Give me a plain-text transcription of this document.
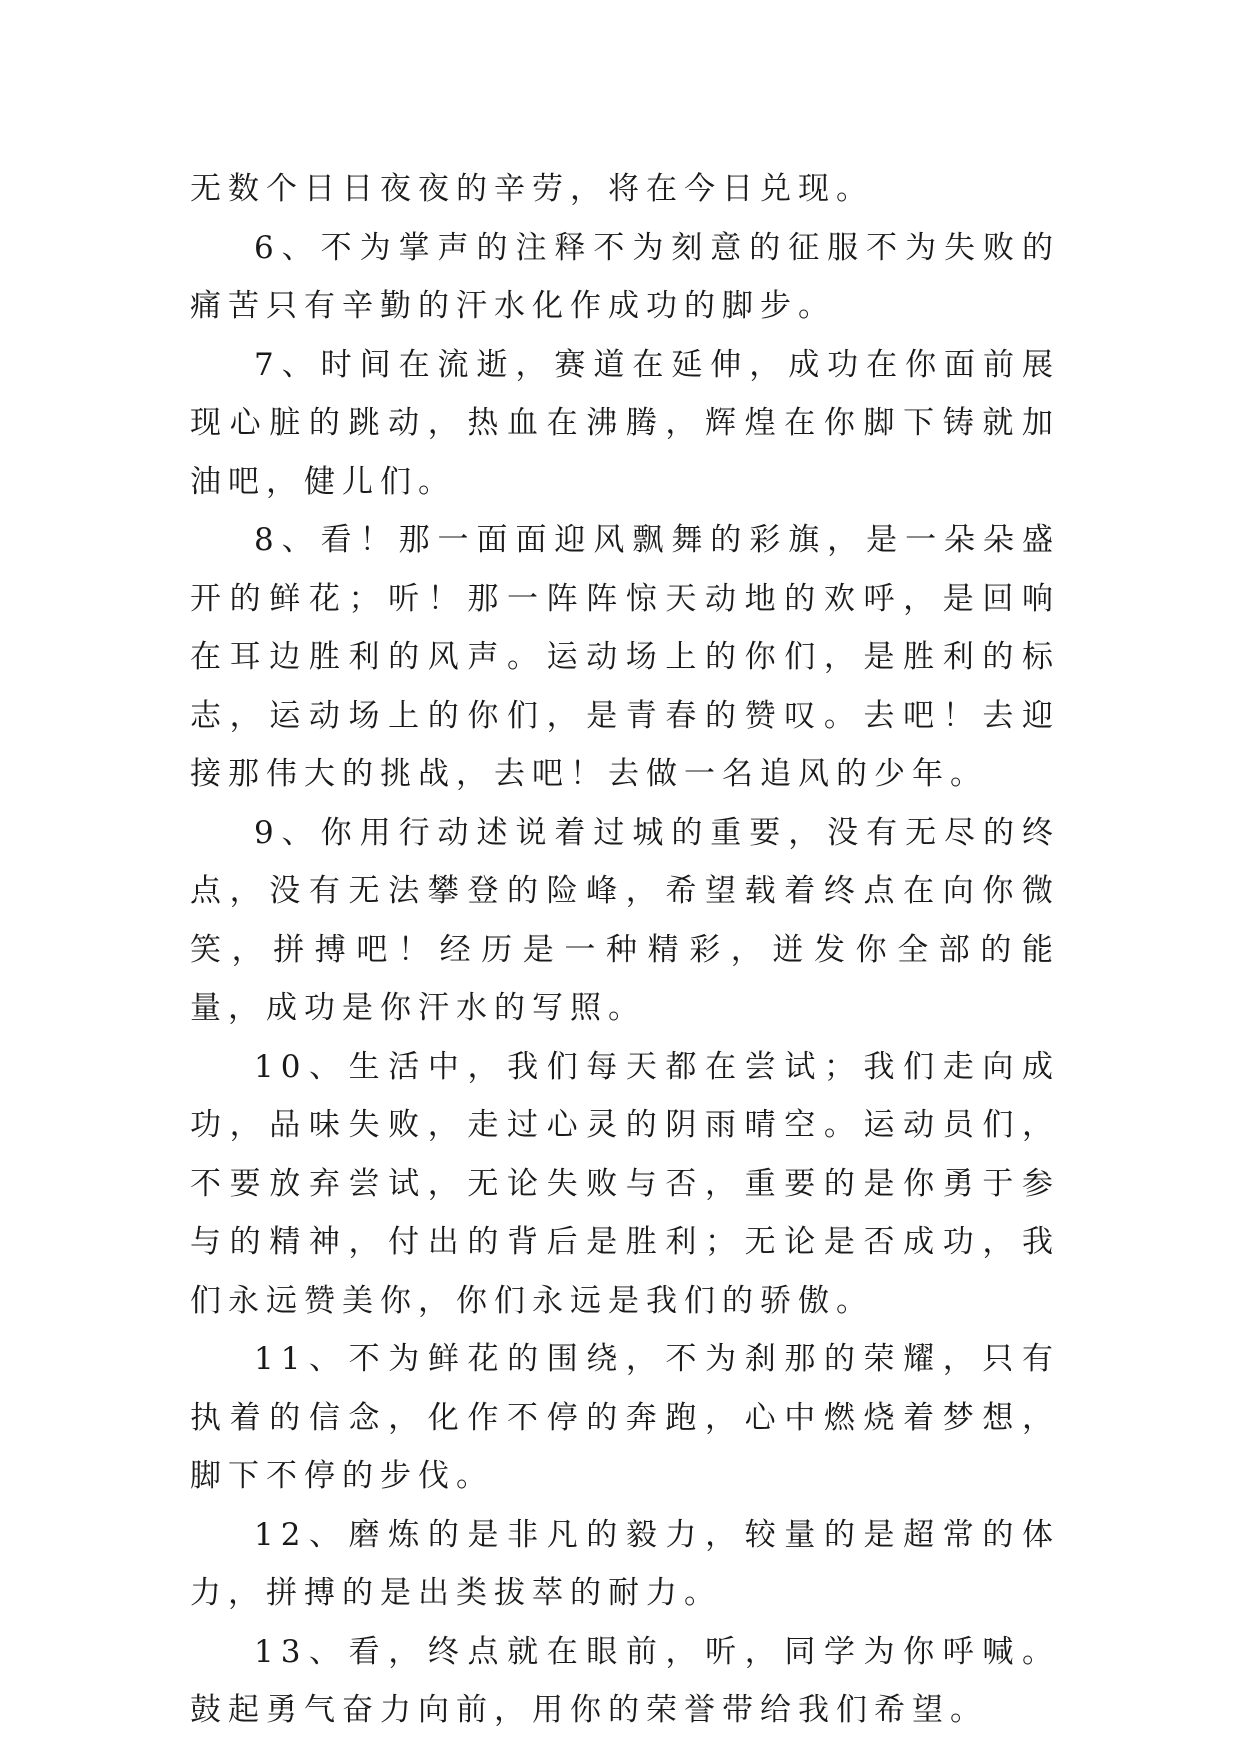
无数个日日夜夜的辛劳，将在今日兑现。

6、不为掌声的注释不为刻意的征服不为失败的痛苦只有辛勤的汗水化作成功的脚步。

7、时间在流逝，赛道在延伸，成功在你面前展现心脏的跳动，热血在沸腾，辉煌在你脚下铸就加油吧，健儿们。

8、看！那一面面迎风飘舞的彩旗，是一朵朵盛开的鲜花；听！那一阵阵惊天动地的欢呼，是回响在耳边胜利的风声。运动场上的你们，是胜利的标志，运动场上的你们，是青春的赞叹。去吧！去迎接那伟大的挑战，去吧！去做一名追风的少年。

9、你用行动述说着过城的重要，没有无尽的终点，没有无法攀登的险峰，希望载着终点在向你微笑，拼搏吧！经历是一种精彩，迸发你全部的能量，成功是你汗水的写照。

10、生活中，我们每天都在尝试；我们走向成功，品味失败，走过心灵的阴雨晴空。运动员们，不要放弃尝试，无论失败与否，重要的是你勇于参与的精神，付出的背后是胜利；无论是否成功，我们永远赞美你，你们永远是我们的骄傲。

11、不为鲜花的围绕，不为刹那的荣耀，只有执着的信念，化作不停的奔跑，心中燃烧着梦想，脚下不停的步伐。

12、磨炼的是非凡的毅力，较量的是超常的体力，拼搏的是出类拔萃的耐力。

13、看，终点就在眼前，听，同学为你呼喊。鼓起勇气奋力向前，用你的荣誉带给我们希望。
